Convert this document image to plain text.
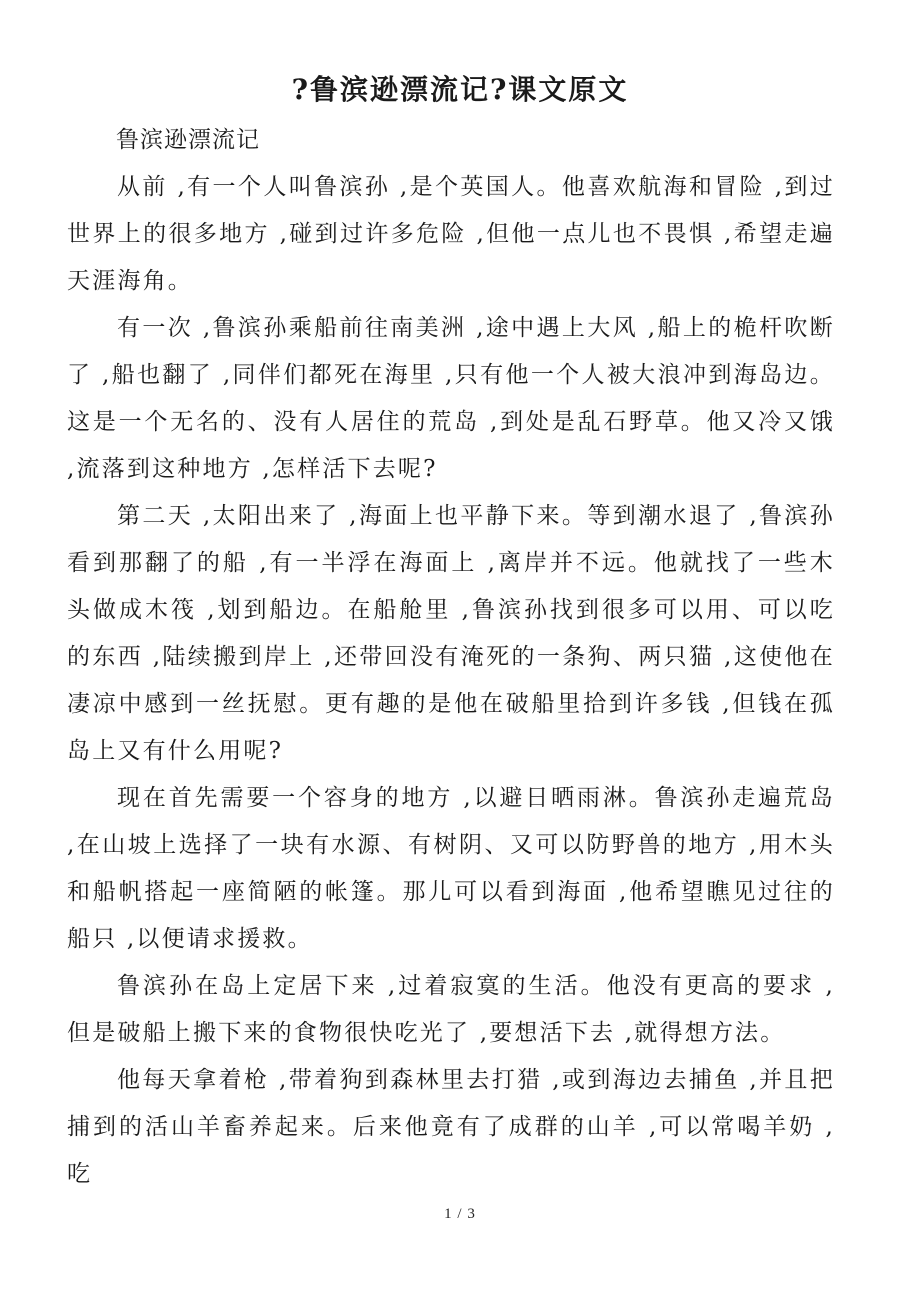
?鲁滨逊漂流记?课文原文
鲁滨逊漂流记

从前 ,有一个人叫鲁滨孙 ,是个英国人。他喜欢航海和冒险 ,到过世界上的很多地方 ,碰到过许多危险 ,但他一点儿也不畏惧 ,希望走遍天涯海角。

有一次 ,鲁滨孙乘船前往南美洲 ,途中遇上大风 ,船上的桅杆吹断了 ,船也翻了 ,同伴们都死在海里 ,只有他一个人被大浪冲到海岛边。这是一个无名的、没有人居住的荒岛 ,到处是乱石野草。他又冷又饿 ,流落到这种地方 ,怎样活下去呢?

第二天 ,太阳出来了 ,海面上也平静下来。等到潮水退了 ,鲁滨孙看到那翻了的船 ,有一半浮在海面上 ,离岸并不远。他就找了一些木头做成木筏 ,划到船边。在船舱里 ,鲁滨孙找到很多可以用、可以吃的东西 ,陆续搬到岸上 ,还带回没有淹死的一条狗、两只猫 ,这使他在凄凉中感到一丝抚慰。更有趣的是他在破船里拾到许多钱 ,但钱在孤岛上又有什么用呢?

现在首先需要一个容身的地方 ,以避日晒雨淋。鲁滨孙走遍荒岛 ,在山坡上选择了一块有水源、有树阴、又可以防野兽的地方 ,用木头和船帆搭起一座简陋的帐篷。那儿可以看到海面 ,他希望瞧见过往的船只 ,以便请求援救。

鲁滨孙在岛上定居下来 ,过着寂寞的生活。他没有更高的要求 ,但是破船上搬下来的食物很快吃光了 ,要想活下去 ,就得想方法。

他每天拿着枪 ,带着狗到森林里去打猎 ,或到海边去捕鱼 ,并且把捕到的活山羊畜养起来。后来他竟有了成群的山羊 ,可以常喝羊奶 ,吃

1 / 3
